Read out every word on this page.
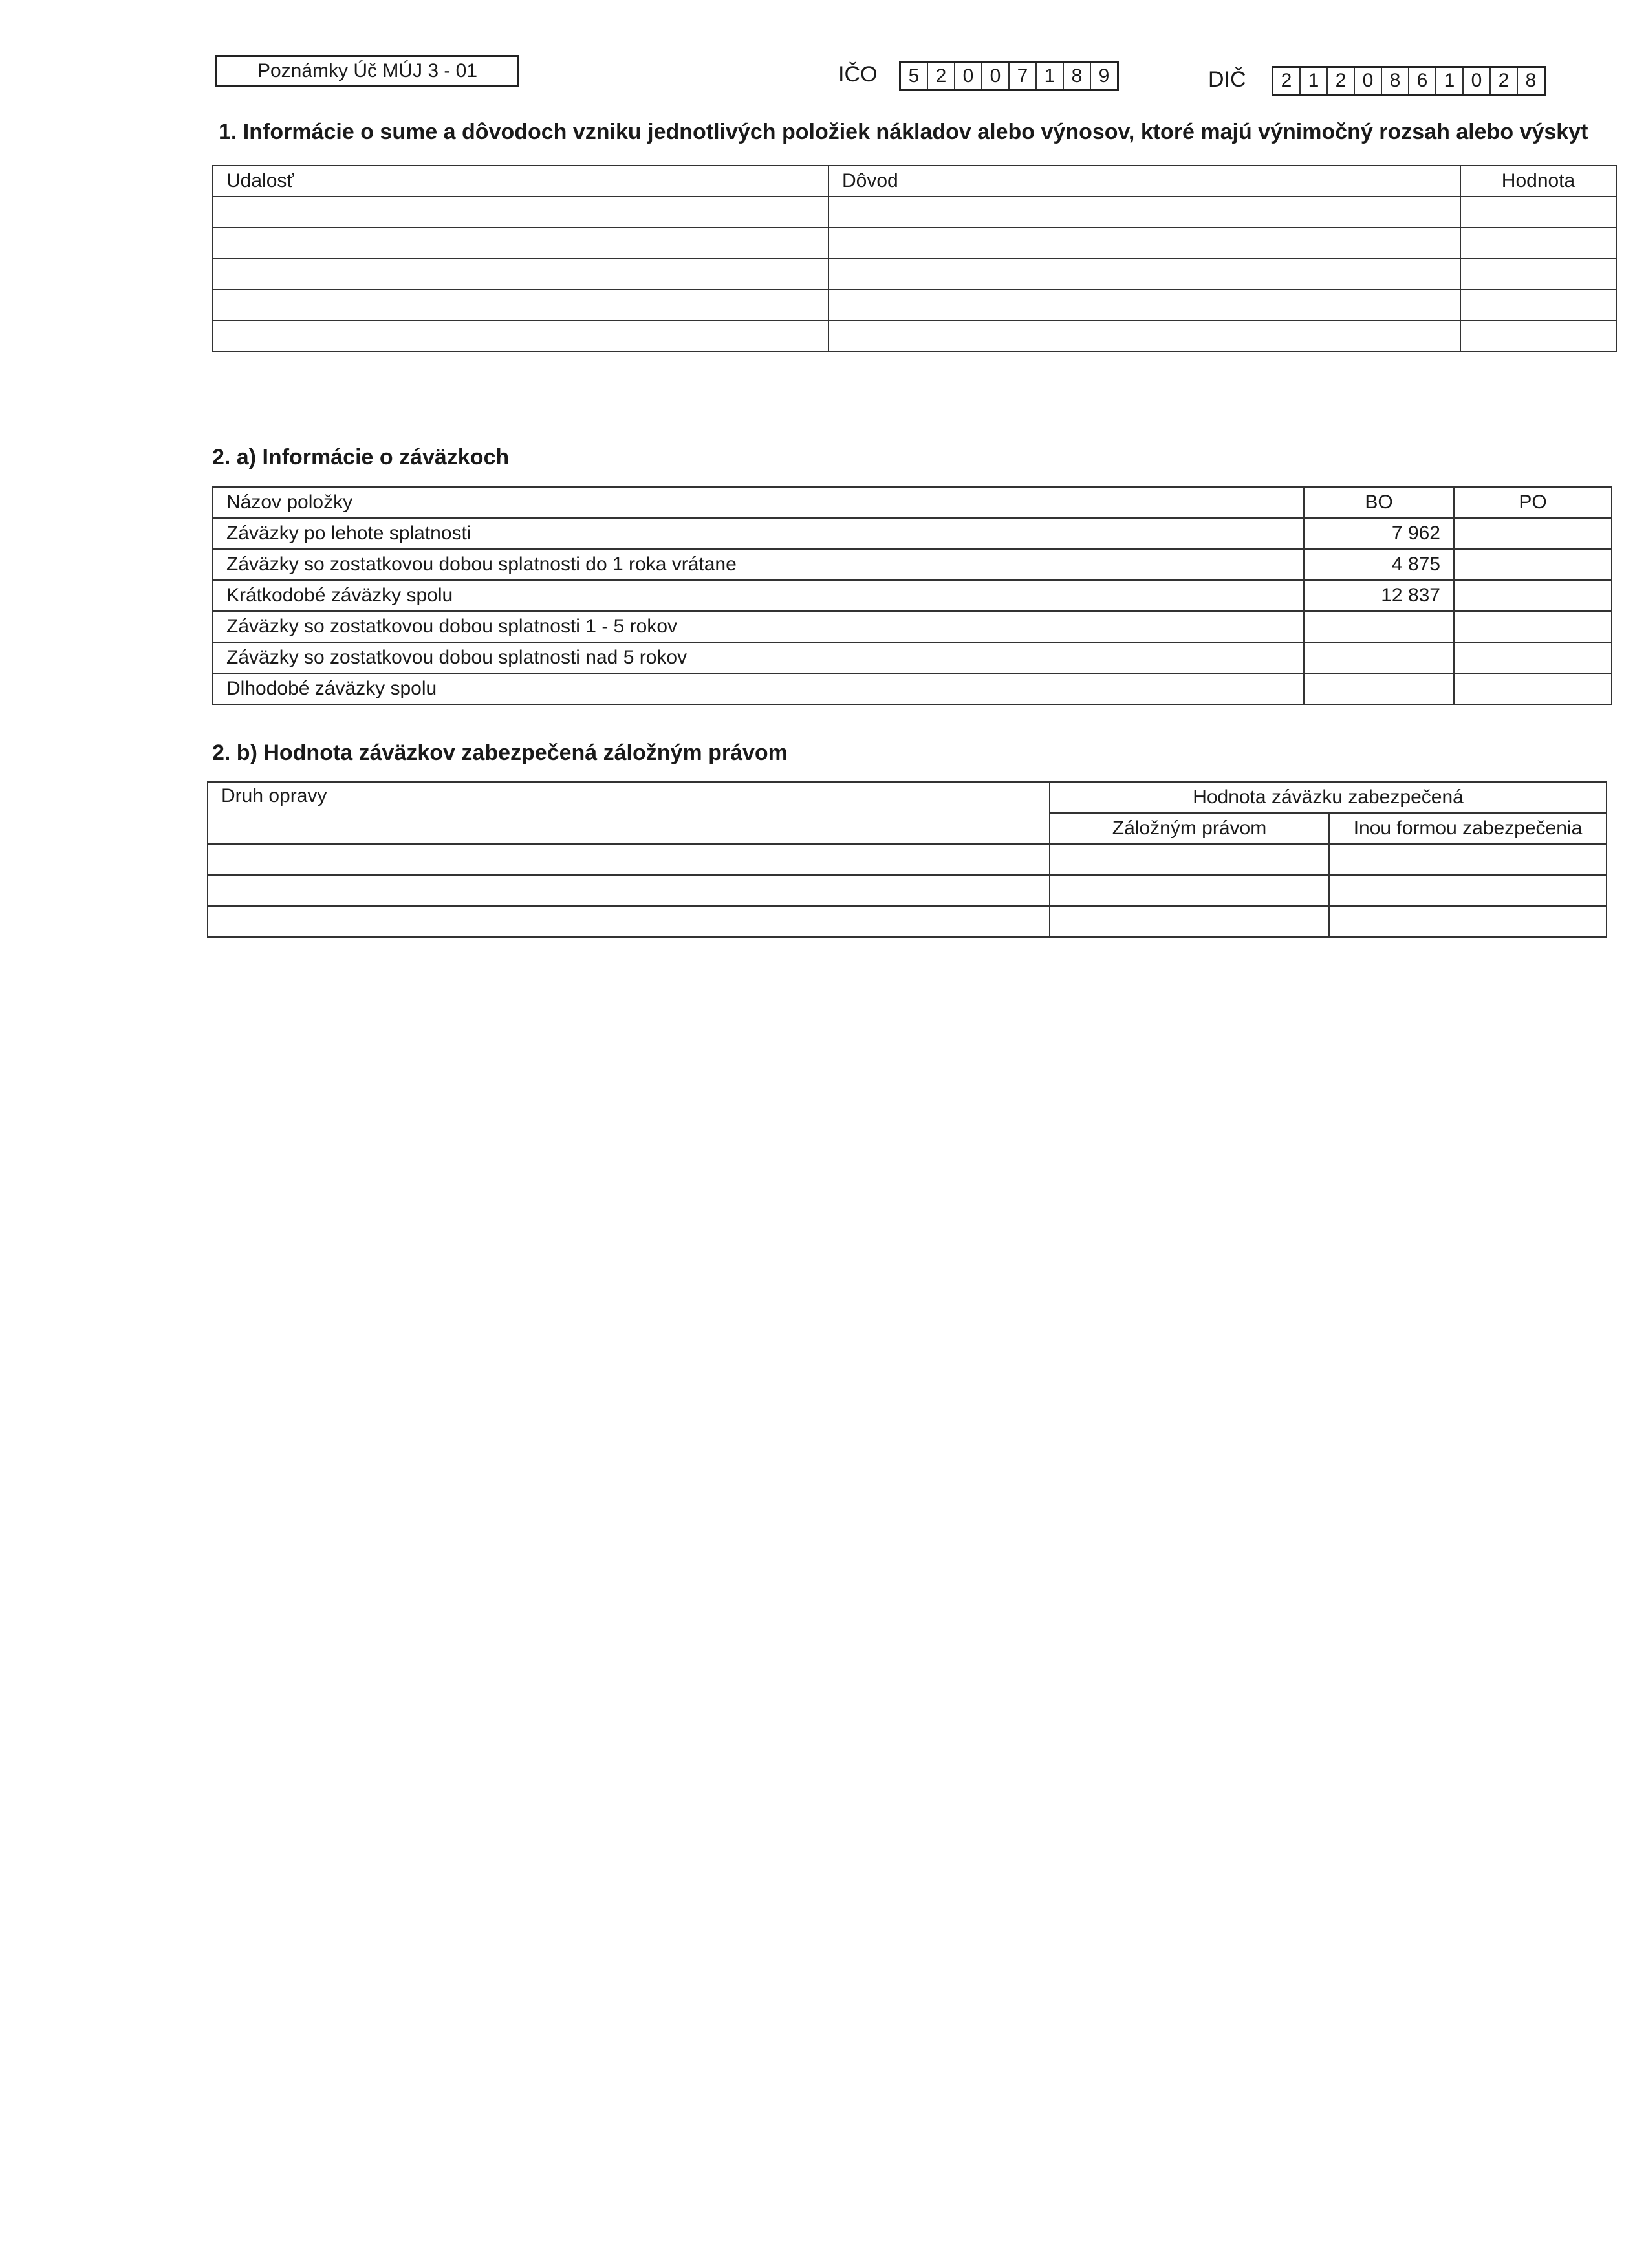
Poznámky Úč MÚJ 3 - 01	IČO	5 2 0 0 7 1 8 9	DIČ	2 1 2 0 8 6 1 0 2 8
1. Informácie o sume a dôvodoch vzniku jednotlivých položiek nákladov alebo výnosov, ktoré majú výnimočný rozsah alebo výskyt
Udalosť	Dôvod	Hodnota

2. a) Informácie o záväzkoch
Názov položky	BO	PO
Záväzky po lehote splatnosti	7 962	
Záväzky so zostatkovou dobou splatnosti do 1 roka vrátane	4 875	
Krátkodobé záväzky spolu	12 837	
Záväzky so zostatkovou dobou splatnosti 1 - 5 rokov		
Záväzky so zostatkovou dobou splatnosti nad 5 rokov		
Dlhodobé záväzky spolu		
2. b) Hodnota záväzkov zabezpečená záložným právom
Druh opravy	Hodnota záväzku zabezpečená	
	Záložným právom	Inou formou zabezpečenia
